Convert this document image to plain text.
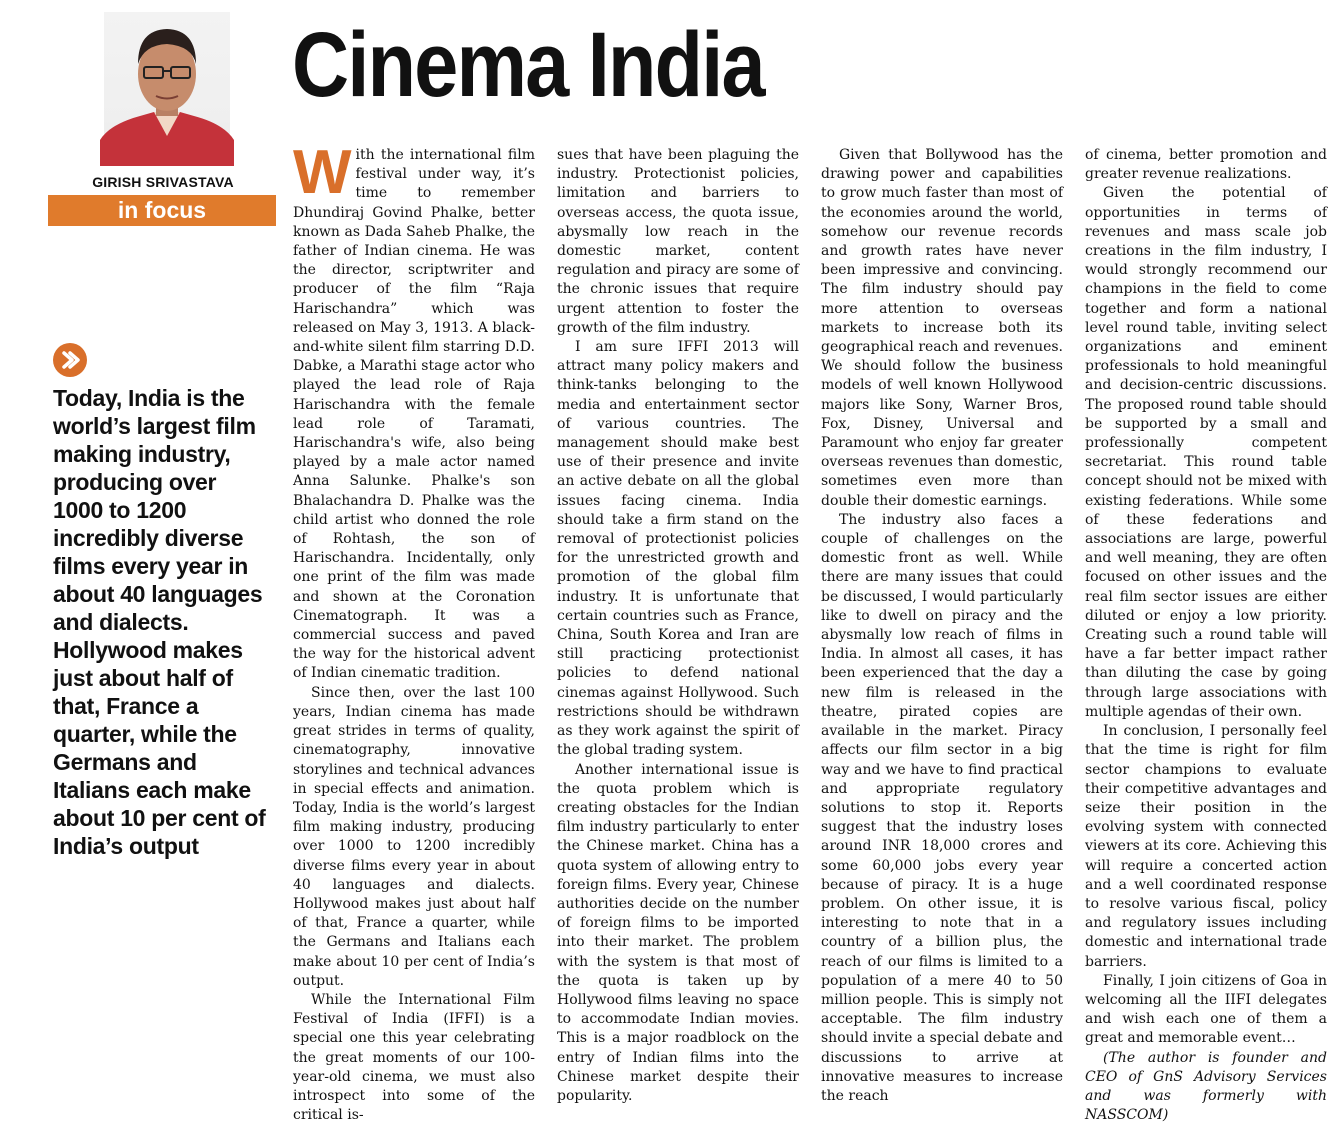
GIRISH SRIVASTAVA
in focus
Cinema India

Today, India is the world’s largest film making industry, producing over 1000 to 1200 incredibly diverse films every year in about 40 languages and dialects. Hollywood makes just about half of that, France a quarter, while the Germans and Italians each make about 10 per cent of India’s output

With the international film festival under way, it’s time to remember Dhundiraj Govind Phalke, better known as Dada Saheb Phalke, the father of Indian cinema. He was the director, scriptwriter and producer of the film “Raja Harischandra” which was released on May 3, 1913. A black-and-white silent film starring D.D. Dabke, a Marathi stage actor who played the lead role of Raja Harischandra with the female lead role of Taramati, Harischandra's wife, also being played by a male actor named Anna Salunke. Phalke's son Bhalachandra D. Phalke was the child artist who donned the role of Rohtash, the son of Harischandra. Incidentally, only one print of the film was made and shown at the Coronation Cinematograph. It was a commercial success and paved the way for the historical advent of Indian cinematic tradition.

Since then, over the last 100 years, Indian cinema has made great strides in terms of quality, cinematography, innovative storylines and technical advances in special effects and animation. Today, India is the world’s largest film making industry, producing over 1000 to 1200 incredibly diverse films every year in about 40 languages and dialects. Hollywood makes just about half of that, France a quarter, while the Germans and Italians each make about 10 per cent of India’s output.

While the International Film Festival of India (IFFI) is a special one this year celebrating the great moments of our 100-year-old cinema, we must also introspect into some of the critical is-

sues that have been plaguing the industry. Protectionist policies, limitation and barriers to overseas access, the quota issue, abysmally low reach in the domestic market, content regulation and piracy are some of the chronic issues that require urgent attention to foster the growth of the film industry.

I am sure IFFI 2013 will attract many policy makers and think-tanks belonging to the media and entertainment sector of various countries. The management should make best use of their presence and invite an active debate on all the global issues facing cinema. India should take a firm stand on the removal of protectionist policies for the unrestricted growth and promotion of the global film industry. It is unfortunate that certain countries such as France, China, South Korea and Iran are still practicing protectionist policies to defend national cinemas against Hollywood. Such restrictions should be withdrawn as they work against the spirit of the global trading system.

Another international issue is the quota problem which is creating obstacles for the Indian film industry particularly to enter the Chinese market. China has a quota system of allowing entry to foreign films. Every year, Chinese authorities decide on the number of foreign films to be imported into their market. The problem with the system is that most of the quota is taken up by Hollywood films leaving no space to accommodate Indian movies. This is a major roadblock on the entry of Indian films into the Chinese market despite their popularity.

Given that Bollywood has the drawing power and capabilities to grow much faster than most of the economies around the world, somehow our revenue records and growth rates have never been impressive and convincing. The film industry should pay more attention to overseas markets to increase both its geographical reach and revenues. We should follow the business models of well known Hollywood majors like Sony, Warner Bros, Fox, Disney, Universal and Paramount who enjoy far greater overseas revenues than domestic, sometimes even more than double their domestic earnings.

The industry also faces a couple of challenges on the domestic front as well. While there are many issues that could be discussed, I would particularly like to dwell on piracy and the abysmally low reach of films in India. In almost all cases, it has been experienced that the day a new film is released in the theatre, pirated copies are available in the market. Piracy affects our film sector in a big way and we have to find practical and appropriate regulatory solutions to stop it. Reports suggest that the industry loses around INR 18,000 crores and some 60,000 jobs every year because of piracy. It is a huge problem. On other issue, it is interesting to note that in a country of a billion plus, the reach of our films is limited to a population of a mere 40 to 50 million people. This is simply not acceptable. The film industry should invite a special debate and discussions to arrive at innovative measures to increase the reach

of cinema, better promotion and greater revenue realizations.

Given the potential of opportunities in terms of revenues and mass scale job creations in the film industry, I would strongly recommend our champions in the field to come together and form a national level round table, inviting select organizations and eminent professionals to hold meaningful and decision-centric discussions. The proposed round table should be supported by a small and professionally competent secretariat. This round table concept should not be mixed with existing federations. While some of these federations and associations are large, powerful and well meaning, they are often focused on other issues and the real film sector issues are either diluted or enjoy a low priority. Creating such a round table will have a far better impact rather than diluting the case by going through large associations with multiple agendas of their own.

In conclusion, I personally feel that the time is right for film sector champions to evaluate their competitive advantages and seize their position in the evolving system with connected viewers at its core. Achieving this will require a concerted action and a well coordinated response to resolve various fiscal, policy and regulatory issues including domestic and international trade barriers.

Finally, I join citizens of Goa in welcoming all the IIFI delegates and wish each one of them a great and memorable event…

(The author is founder and CEO of GnS Advisory Services and was formerly with NASSCOM)
